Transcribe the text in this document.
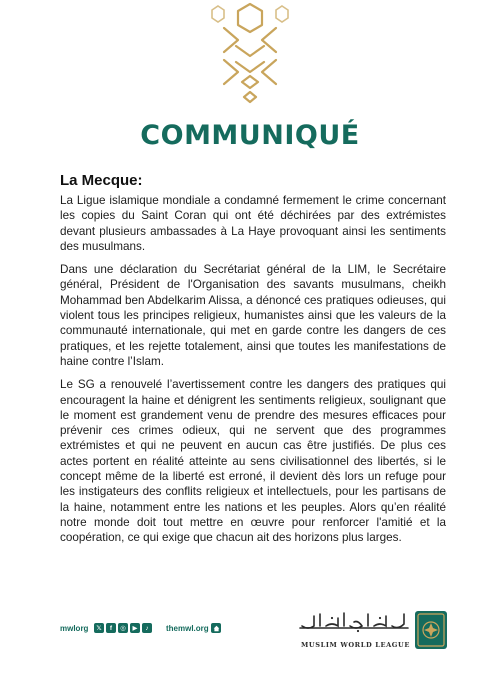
COMMUNIQUÉ
La Mecque:

La Ligue islamique mondiale a condamné fermement le crime concernant les copies du Saint Coran qui ont été déchirées par des extrémistes devant plusieurs ambassades à La Haye provoquant ainsi les sentiments des musulmans.

Dans une déclaration du Secrétariat général de la LIM, le Secrétaire général, Président de l'Organisation des savants musulmans, cheikh Mohammad ben Abdelkarim Alissa, a dénoncé ces pratiques odieuses, qui violent tous les principes religieux, humanistes ainsi que les valeurs de la communauté internationale, qui met en garde contre les dangers de ces pratiques, et les rejette totalement, ainsi que toutes les manifestations de haine contre l’Islam.

Le SG a renouvelé l’avertissement contre les dangers des pratiques qui encouragent la haine et dénigrent les sentiments religieux, soulignant que le moment est grandement venu de prendre des mesures efficaces pour prévenir ces crimes odieux, qui ne servent que des programmes extrémistes et qui ne peuvent en aucun cas être justifiés. De plus ces actes portent en réalité atteinte au sens civilisationnel des libertés, si le concept même de la liberté est erroné, il devient dès lors un refuge pour les instigateurs des conflits religieux et intellectuels, pour les partisans de la haine, notamment entre les nations et les peuples. Alors qu’en réalité notre monde doit tout mettre en œuvre pour renforcer l'amitié et la coopération, ce qui exige que chacun ait des horizons plus larges.

mwlorg	𝕏	f	◎	▶	♪	themwl.org
MUSLIM WORLD LEAGUE
